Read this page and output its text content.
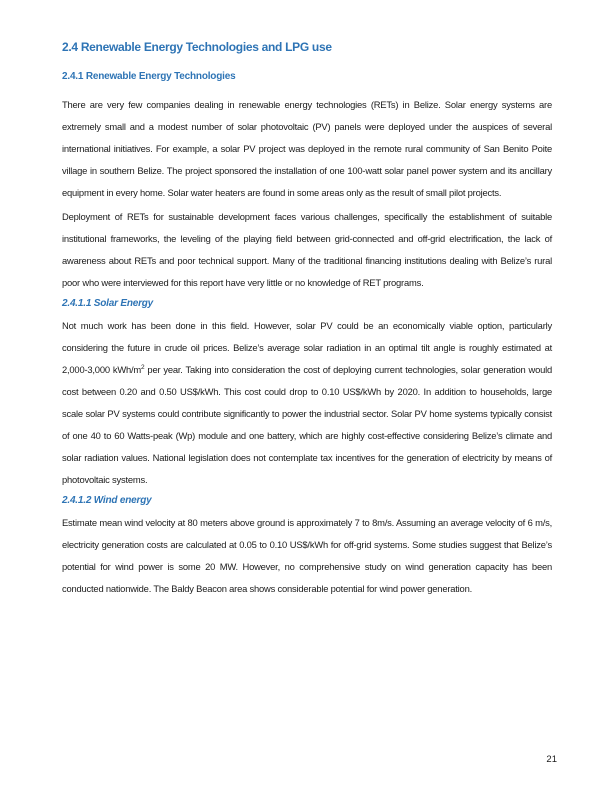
2.4 Renewable Energy Technologies and LPG use
2.4.1 Renewable Energy Technologies

There are very few companies dealing in renewable energy technologies (RETs) in Belize. Solar energy systems are extremely small and a modest number of solar photovoltaic (PV) panels were deployed under the auspices of several international initiatives. For example, a solar PV project was deployed in the remote rural community of San Benito Poite village in southern Belize. The project sponsored the installation of one 100-watt solar panel power system and its ancillary equipment in every home. Solar water heaters are found in some areas only as the result of small pilot projects.

Deployment of RETs for sustainable development faces various challenges, specifically the establishment of suitable institutional frameworks, the leveling of the playing field between grid-connected and off-grid electrification, the lack of awareness about RETs and poor technical support. Many of the traditional financing institutions dealing with Belize’s rural poor who were interviewed for this report have very little or no knowledge of RET programs.

2.4.1.1 Solar Energy

Not much work has been done in this field. However, solar PV could be an economically viable option, particularly considering the future in crude oil prices. Belize’s average solar radiation in an optimal tilt angle is roughly estimated at 2,000-3,000 kWh/$m^2$ per year. Taking into consideration the cost of deploying current technologies, solar generation would cost between 0.20 and 0.50 US$/kWh. This cost could drop to 0.10 US$/kWh by 2020. In addition to households, large scale solar PV systems could contribute significantly to power the industrial sector. Solar PV home systems typically consist of one 40 to 60 Watts-peak (Wp) module and one battery, which are highly cost-effective considering Belize’s climate and solar radiation values. National legislation does not contemplate tax incentives for the generation of electricity by means of photovoltaic systems.

2.4.1.2 Wind energy

Estimate mean wind velocity at 80 meters above ground is approximately 7 to 8m/s. Assuming an average velocity of 6 m/s, electricity generation costs are calculated at 0.05 to 0.10 US$/kWh for off-grid systems. Some studies suggest that Belize’s potential for wind power is some 20 MW. However, no comprehensive study on wind generation capacity has been conducted nationwide. The Baldy Beacon area shows considerable potential for wind power generation.

21
